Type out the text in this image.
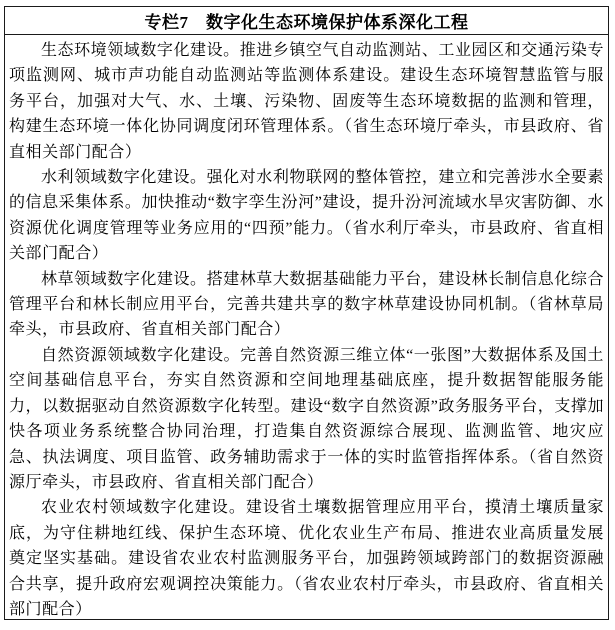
专栏7　数字化生态环境保护体系深化工程

生态环境领域数字化建设。推进乡镇空气自动监测站、工业园区和交通污染专项监测网、城市声功能自动监测站等监测体系建设。建设生态环境智慧监管与服务平台，加强对大气、水、土壤、污染物、固废等生态环境数据的监测和管理，构建生态环境一体化协同调度闭环管理体系。（省生态环境厅牵头，市县政府、省直相关部门配合）

水利领域数字化建设。强化对水利物联网的整体管控，建立和完善涉水全要素的信息采集体系。加快推动“数字孪生汾河”建设，提升汾河流域水旱灾害防御、水资源优化调度管理等业务应用的“四预”能力。（省水利厅牵头，市县政府、省直相关部门配合）

林草领域数字化建设。搭建林草大数据基础能力平台，建设林长制信息化综合管理平台和林长制应用平台，完善共建共享的数字林草建设协同机制。（省林草局牵头，市县政府、省直相关部门配合）

自然资源领域数字化建设。完善自然资源三维立体“一张图”大数据体系及国土空间基础信息平台，夯实自然资源和空间地理基础底座，提升数据智能服务能力，以数据驱动自然资源数字化转型。建设“数字自然资源”政务服务平台，支撑加快各项业务系统整合协同治理，打造集自然资源综合展现、监测监管、地灾应急、执法调度、项目监管、政务辅助需求于一体的实时监管指挥体系。（省自然资源厅牵头，市县政府、省直相关部门配合）

农业农村领域数字化建设。建设省土壤数据管理应用平台，摸清土壤质量家底，为守住耕地红线、保护生态环境、优化农业生产布局、推进农业高质量发展奠定坚实基础。建设省农业农村监测服务平台，加强跨领域跨部门的数据资源融合共享，提升政府宏观调控决策能力。（省农业农村厅牵头，市县政府、省直相关部门配合）
